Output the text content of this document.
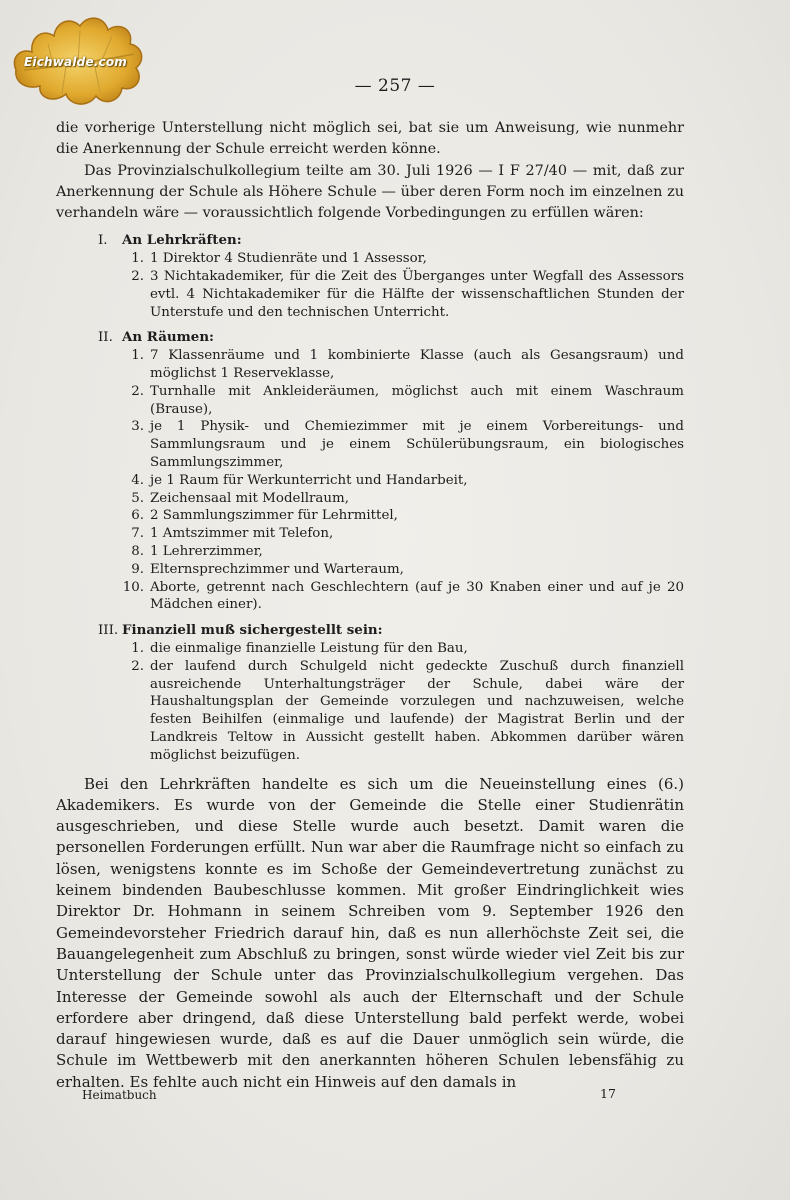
Eichwalde.com
— 257 —

die vorherige Unterstellung nicht möglich sei, bat sie um Anweisung, wie nunmehr die Anerkennung der Schule erreicht werden könne.

Das Provinzialschulkollegium teilte am 30. Juli 1926 — I F 27/40 — mit, daß zur Anerkennung der Schule als Höhere Schule — über deren Form noch im einzelnen zu verhandeln wäre — voraussichtlich folgende Vorbedingungen zu erfüllen wären:

I. An Lehrkräften:
1. 1 Direktor 4 Studienräte und 1 Assessor,
2. 3 Nichtakademiker, für die Zeit des Überganges unter Wegfall des Assessors evtl. 4 Nichtakademiker für die Hälfte der wissenschaftlichen Stunden der Unterstufe und den technischen Unterricht.
II. An Räumen:
1. 7 Klassenräume und 1 kombinierte Klasse (auch als Gesangsraum) und möglichst 1 Reserveklasse,
2. Turnhalle mit Ankleideräumen, möglichst auch mit einem Waschraum (Brause),
3. je 1 Physik- und Chemiezimmer mit je einem Vorbereitungs- und Sammlungsraum und je einem Schülerübungsraum, ein biologisches Sammlungszimmer,
4. je 1 Raum für Werkunterricht und Handarbeit,
5. Zeichensaal mit Modellraum,
6. 2 Sammlungszimmer für Lehrmittel,
7. 1 Amtszimmer mit Telefon,
8. 1 Lehrerzimmer,
9. Elternsprechzimmer und Warteraum,
10. Aborte, getrennt nach Geschlechtern (auf je 30 Knaben einer und auf je 20 Mädchen einer).
III. Finanziell muß sichergestellt sein:
1. die einmalige finanzielle Leistung für den Bau,
2. der laufend durch Schulgeld nicht gedeckte Zuschuß durch finanziell ausreichende Unterhaltungsträger der Schule, dabei wäre der Haushaltungsplan der Gemeinde vorzulegen und nachzuweisen, welche festen Beihilfen (einmalige und laufende) der Magistrat Berlin und der Landkreis Teltow in Aussicht gestellt haben. Abkommen darüber wären möglichst beizufügen.

Bei den Lehrkräften handelte es sich um die Neueinstellung eines (6.) Akademikers. Es wurde von der Gemeinde die Stelle einer Studienrätin ausgeschrieben, und diese Stelle wurde auch besetzt. Damit waren die personellen Forderungen erfüllt. Nun war aber die Raumfrage nicht so einfach zu lösen, wenigstens konnte es im Schoße der Gemeindevertretung zunächst zu keinem bindenden Baubeschlusse kommen. Mit großer Eindringlichkeit wies Direktor Dr. Hohmann in seinem Schreiben vom 9. September 1926 den Gemeindevorsteher Friedrich darauf hin, daß es nun allerhöchste Zeit sei, die Bauangelegenheit zum Abschluß zu bringen, sonst würde wieder viel Zeit bis zur Unterstellung der Schule unter das Provinzialschulkollegium vergehen. Das Interesse der Gemeinde sowohl als auch der Elternschaft und der Schule erfordere aber dringend, daß diese Unterstellung bald perfekt werde, wobei darauf hingewiesen wurde, daß es auf die Dauer unmöglich sein würde, die Schule im Wettbewerb mit den anerkannten höheren Schulen lebensfähig zu erhalten. Es fehlte auch nicht ein Hinweis auf den damals in

Heimatbuch	17
